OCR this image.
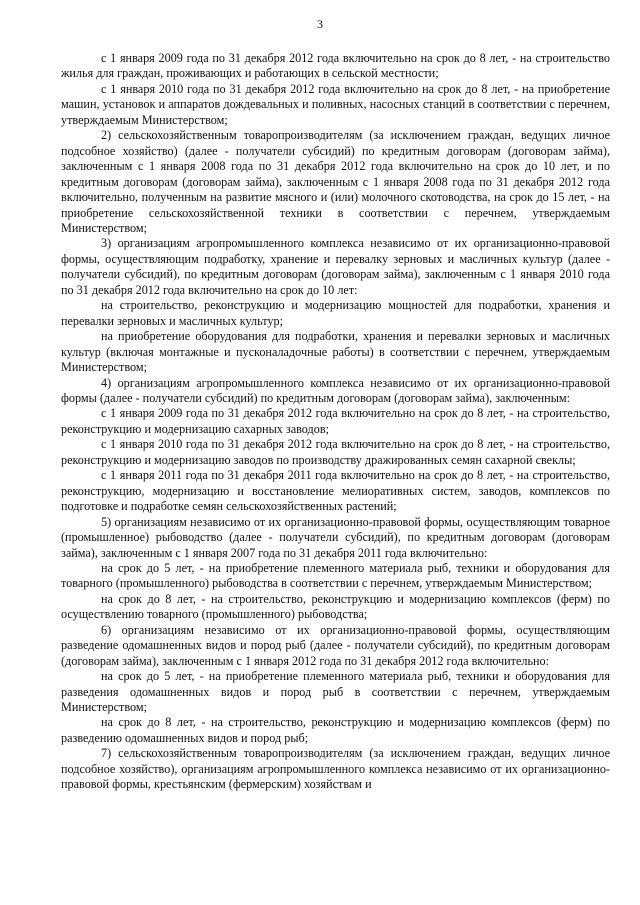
3

с 1 января 2009 года по 31 декабря 2012 года включительно на срок до 8 лет, - на строительство жилья для граждан, проживающих и работающих в сельской местности;

с 1 января 2010 года по 31 декабря 2012 года включительно на срок до 8 лет, - на приобретение машин, установок и аппаратов дождевальных и поливных, насосных станций в соответствии с перечнем, утверждаемым Министерством;

2) сельскохозяйственным товаропроизводителям (за исключением граждан, ведущих личное подсобное хозяйство) (далее - получатели субсидий) по кредитным договорам (договорам займа), заключенным с 1 января 2008 года по 31 декабря 2012 года включительно на срок до 10 лет, и по кредитным договорам (договорам займа), заключенным с 1 января 2008 года по 31 декабря 2012 года включительно, полученным на развитие мясного и (или) молочного скотоводства, на срок до 15 лет, - на приобретение сельскохозяйственной техники в соответствии с перечнем, утверждаемым Министерством;

3) организациям агропромышленного комплекса независимо от их организационно-правовой формы, осуществляющим подработку, хранение и перевалку зерновых и масличных культур (далее - получатели субсидий), по кредитным договорам (договорам займа), заключенным с 1 января 2010 года по 31 декабря 2012 года включительно на срок до 10 лет:

на строительство, реконструкцию и модернизацию мощностей для подработки, хранения и перевалки зерновых и масличных культур;

на приобретение оборудования для подработки, хранения и перевалки зерновых и масличных культур (включая монтажные и пусконаладочные работы) в соответствии с перечнем, утверждаемым Министерством;

4) организациям агропромышленного комплекса независимо от их организационно-правовой формы (далее - получатели субсидий) по кредитным договорам (договорам займа), заключенным:

с 1 января 2009 года по 31 декабря 2012 года включительно на срок до 8 лет, - на строительство, реконструкцию и модернизацию сахарных заводов;

с 1 января 2010 года по 31 декабря 2012 года включительно на срок до 8 лет, - на строительство, реконструкцию и модернизацию заводов по производству дражированных семян сахарной свеклы;

с 1 января 2011 года по 31 декабря 2011 года включительно на срок до 8 лет, - на строительство, реконструкцию, модернизацию и восстановление мелиоративных систем, заводов, комплексов по подготовке и подработке семян сельскохозяйственных растений;

5) организациям независимо от их организационно-правовой формы, осуществляющим товарное (промышленное) рыбоводство (далее - получатели субсидий), по кредитным договорам (договорам займа), заключенным с 1 января 2007 года по 31 декабря 2011 года включительно:

на срок до 5 лет, - на приобретение племенного материала рыб, техники и оборудования для товарного (промышленного) рыбоводства в соответствии с перечнем, утверждаемым Министерством;

на срок до 8 лет, - на строительство, реконструкцию и модернизацию комплексов (ферм) по осуществлению товарного (промышленного) рыбоводства;

6) организациям независимо от их организационно-правовой формы, осуществляющим разведение одомашненных видов и пород рыб (далее - получатели субсидий), по кредитным договорам (договорам займа), заключенным с 1 января 2012 года по 31 декабря 2012 года включительно:

на срок до 5 лет, - на приобретение племенного материала рыб, техники и оборудования для разведения одомашненных видов и пород рыб в соответствии с перечнем, утверждаемым Министерством;

на срок до 8 лет, - на строительство, реконструкцию и модернизацию комплексов (ферм) по разведению одомашненных видов и пород рыб;

7) сельскохозяйственным товаропроизводителям (за исключением граждан, ведущих личное подсобное хозяйство), организациям агропромышленного комплекса независимо от их организационно-правовой формы, крестьянским (фермерским) хозяйствам и
